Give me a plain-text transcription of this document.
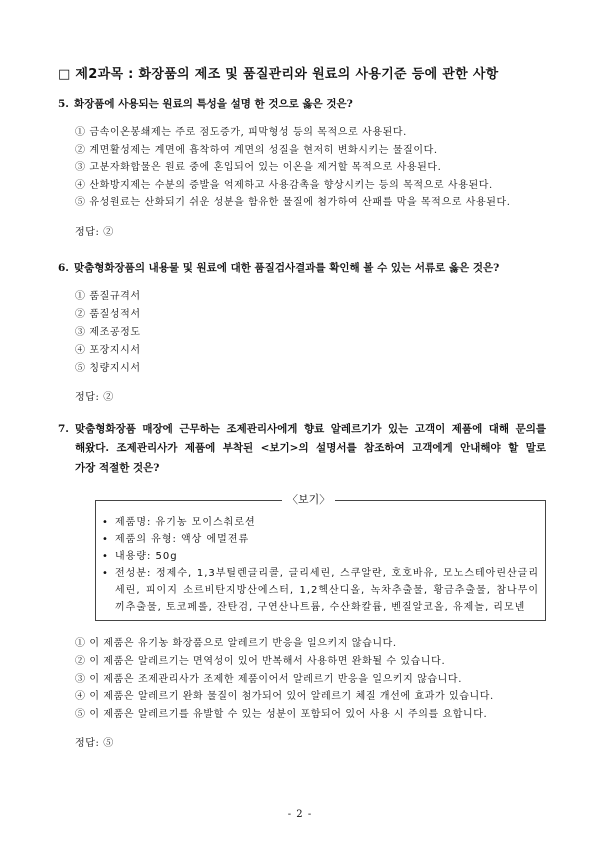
□ 제2과목 : 화장품의 제조 및 품질관리와 원료의 사용기준 등에 관한 사항
5. 화장품에 사용되는 원료의 특성을 설명 한 것으로 옳은 것은?
① 금속이온봉쇄제는 주로 점도증가, 피막형성 등의 목적으로 사용된다.
② 계면활성제는 계면에 흡착하여 계면의 성질을 현저히 변화시키는 물질이다.
③ 고분자화합물은 원료 중에 혼입되어 있는 이온을 제거할 목적으로 사용된다.
④ 산화방지제는 수분의 증발을 억제하고 사용감촉을 향상시키는 등의 목적으로 사용된다.
⑤ 유성원료는 산화되기 쉬운 성분을 함유한 물질에 첨가하여 산패를 막을 목적으로 사용된다.
정답: ②
6. 맞춤형화장품의 내용물 및 원료에 대한 품질검사결과를 확인해 볼 수 있는 서류로 옳은 것은?
① 품질규격서
② 품질성적서
③ 제조공정도
④ 포장지시서
⑤ 칭량지시서
정답: ②
7. 맞춤형화장품 매장에 근무하는 조제관리사에게 향료 알레르기가 있는 고객이 제품에 대해 문의를
해왔다. 조제관리사가 제품에 부착된 <보기>의 설명서를 참조하여 고객에게 안내해야 할 말로
가장 적절한 것은?
〈보기〉
• 제품명: 유기농 모이스춰로션
• 제품의 유형: 액상 에멀젼류
• 내용량: 50g
• 전성분: 정제수, 1,3부틸렌글리콜, 글리세린, 스쿠알란, 호호바유, 모노스테아린산글리세린, 피이지 소르비탄지방산에스터, 1,2헥산디올, 녹차추출물, 황금추출물, 참나무이끼추출물, 토코페롤, 잔탄검, 구연산나트륨, 수산화칼륨, 벤질알코올, 유제놀, 리모넨
① 이 제품은 유기농 화장품으로 알레르기 반응을 일으키지 않습니다.
② 이 제품은 알레르기는 면역성이 있어 반복해서 사용하면 완화될 수 있습니다.
③ 이 제품은 조제관리사가 조제한 제품이어서 알레르기 반응을 일으키지 않습니다.
④ 이 제품은 알레르기 완화 물질이 첨가되어 있어 알레르기 체질 개선에 효과가 있습니다.
⑤ 이 제품은 알레르기를 유발할 수 있는 성분이 포함되어 있어 사용 시 주의를 요합니다.
정답: ⑤
- 2 -
